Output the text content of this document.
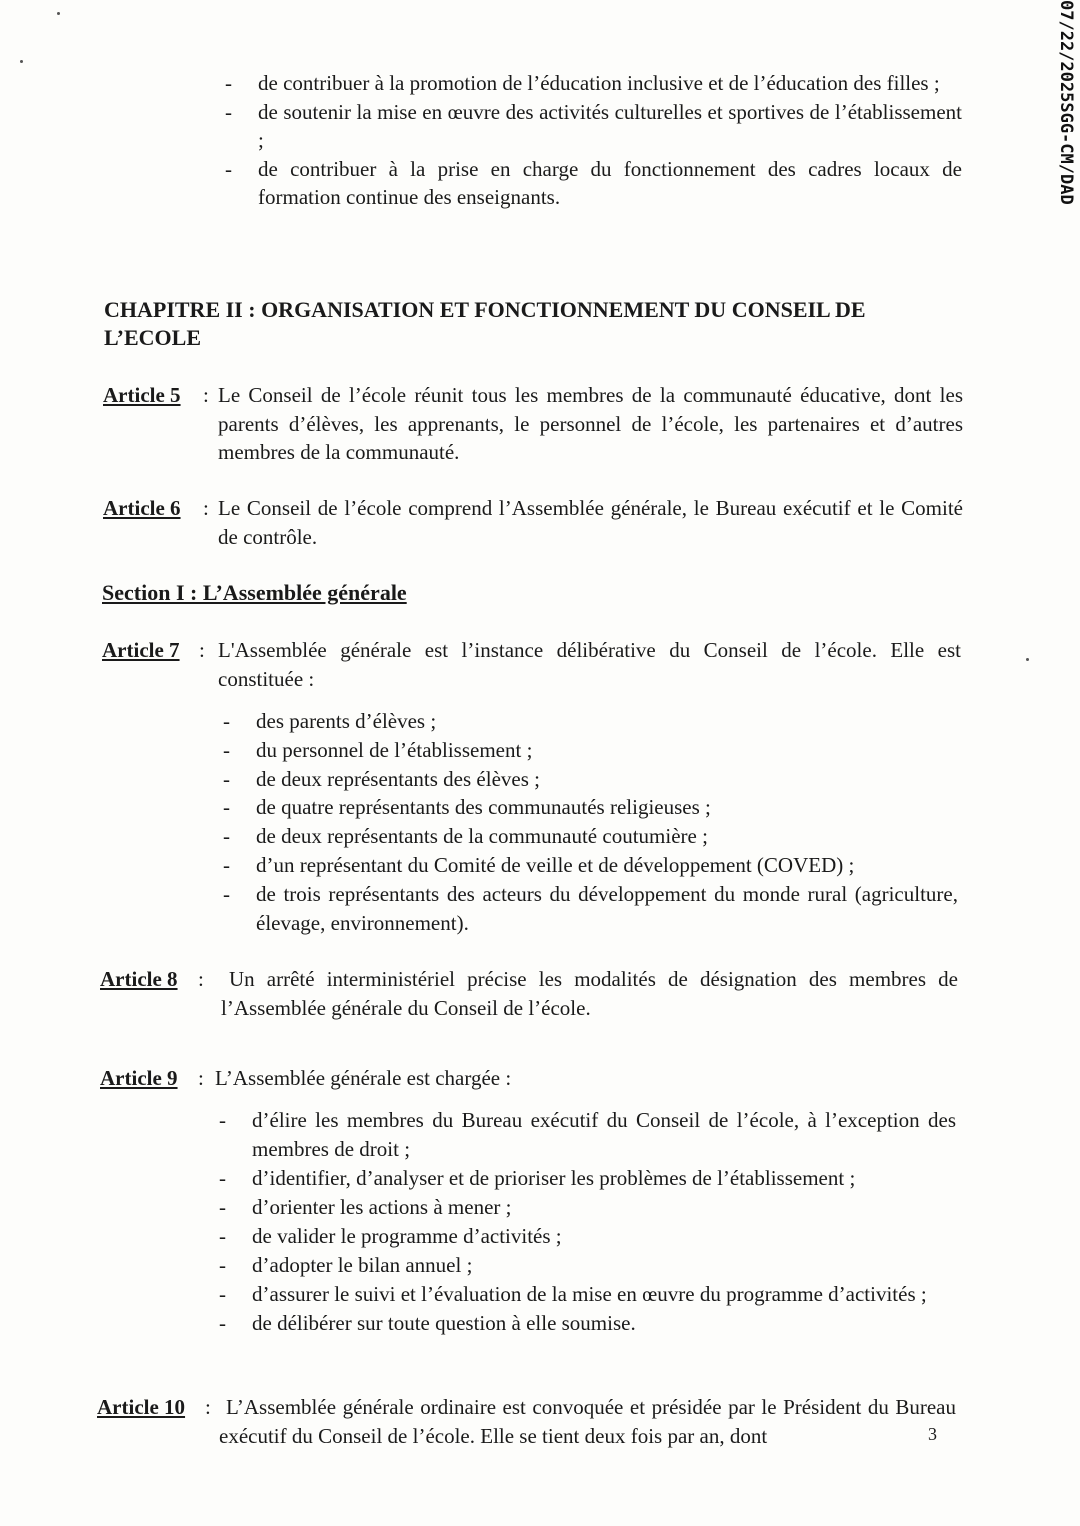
07/22/2025SGG-CM/DAD
- de contribuer à la promotion de l’éducation inclusive et de l’éducation des filles ;
- de soutenir la mise en œuvre des activités culturelles et sportives de l’établissement ;
- de contribuer à la prise en charge du fonctionnement des cadres locaux de formation continue des enseignants.
CHAPITRE II : ORGANISATION ET FONCTIONNEMENT DU CONSEIL DE L’ECOLE
Article 5 : Le Conseil de l’école réunit tous les membres de la communauté éducative, dont les parents d’élèves, les apprenants, le personnel de l’école, les partenaires et d’autres membres de la communauté.
Article 6 : Le Conseil de l’école comprend l’Assemblée générale, le Bureau exécutif et le Comité de contrôle.
Section I : L’Assemblée générale
Article 7 : L'Assemblée générale est l’instance délibérative du Conseil de l’école. Elle est constituée :
- des parents d’élèves ;
- du personnel de l’établissement ;
- de deux représentants des élèves ;
- de quatre représentants des communautés religieuses ;
- de deux représentants de la communauté coutumière ;
- d’un représentant du Comité de veille et de développement (COVED) ;
- de trois représentants des acteurs du développement du monde rural (agriculture, élevage, environnement).
Article 8 :	Un arrêté interministériel précise les modalités de désignation des membres de l’Assemblée générale du Conseil de l’école.
Article 9 : L’Assemblée générale est chargée :
- d’élire les membres du Bureau exécutif du Conseil de l’école, à l’exception des membres de droit ;
- d’identifier, d’analyser et de prioriser les problèmes de l’établissement ;
- d’orienter les actions à mener ;
- de valider le programme d’activités ;
- d’adopter le bilan annuel ;
- d’assurer le suivi et l’évaluation de la mise en œuvre du programme d’activités ;
- de délibérer sur toute question à elle soumise.
Article 10 : L’Assemblée générale ordinaire est convoquée et présidée par le Président du Bureau exécutif du Conseil de l’école. Elle se tient deux fois par an, dont	3
